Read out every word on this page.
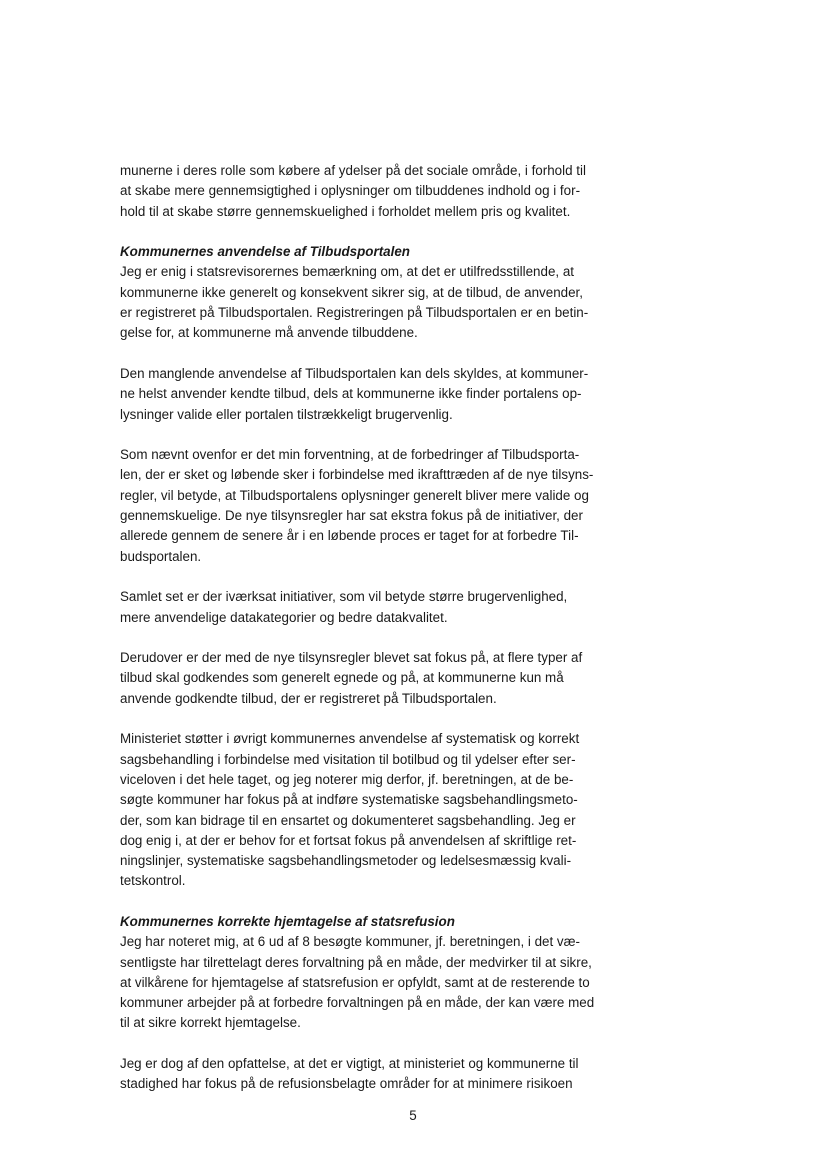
munerne i deres rolle som købere af ydelser på det sociale område, i forhold til
at skabe mere gennemsigtighed i oplysninger om tilbuddenes indhold og i for-
hold til at skabe større gennemskuelighed i forholdet mellem pris og kvalitet.

Kommunernes anvendelse af Tilbudsportalen
Jeg er enig i statsrevisorernes bemærkning om, at det er utilfredsstillende, at
kommunerne ikke generelt og konsekvent sikrer sig, at de tilbud, de anvender,
er registreret på Tilbudsportalen. Registreringen på Tilbudsportalen er en betin-
gelse for, at kommunerne må anvende tilbuddene.

Den manglende anvendelse af Tilbudsportalen kan dels skyldes, at kommuner-
ne helst anvender kendte tilbud, dels at kommunerne ikke finder portalens op-
lysninger valide eller portalen tilstrækkeligt brugervenlig.

Som nævnt ovenfor er det min forventning, at de forbedringer af Tilbudsporta-
len, der er sket og løbende sker i forbindelse med ikrafttræden af de nye tilsyns-
regler, vil betyde, at Tilbudsportalens oplysninger generelt bliver mere valide og
gennemskuelige. De nye tilsynsregler har sat ekstra fokus på de initiativer, der
allerede gennem de senere år i en løbende proces er taget for at forbedre Til-
budsportalen.

Samlet set er der iværksat initiativer, som vil betyde større brugervenlighed,
mere anvendelige datakategorier og bedre datakvalitet.

Derudover er der med de nye tilsynsregler blevet sat fokus på, at flere typer af
tilbud skal godkendes som generelt egnede og på, at kommunerne kun må
anvende godkendte tilbud, der er registreret på Tilbudsportalen.

Ministeriet støtter i øvrigt kommunernes anvendelse af systematisk og korrekt
sagsbehandling i forbindelse med visitation til botilbud og til ydelser efter ser-
viceloven i det hele taget, og jeg noterer mig derfor, jf. beretningen, at de be-
søgte kommuner har fokus på at indføre systematiske sagsbehandlingsmeto-
der, som kan bidrage til en ensartet og dokumenteret sagsbehandling. Jeg er
dog enig i, at der er behov for et fortsat fokus på anvendelsen af skriftlige ret-
ningslinjer, systematiske sagsbehandlingsmetoder og ledelsesmæssig kvali-
tetskontrol.

Kommunernes korrekte hjemtagelse af statsrefusion
Jeg har noteret mig, at 6 ud af 8 besøgte kommuner, jf. beretningen, i det væ-
sentligste har tilrettelagt deres forvaltning på en måde, der medvirker til at sikre,
at vilkårene for hjemtagelse af statsrefusion er opfyldt, samt at de resterende to
kommuner arbejder på at forbedre forvaltningen på en måde, der kan være med
til at sikre korrekt hjemtagelse.

Jeg er dog af den opfattelse, at det er vigtigt, at ministeriet og kommunerne til
stadighed har fokus på de refusionsbelagte områder for at minimere risikoen

5
